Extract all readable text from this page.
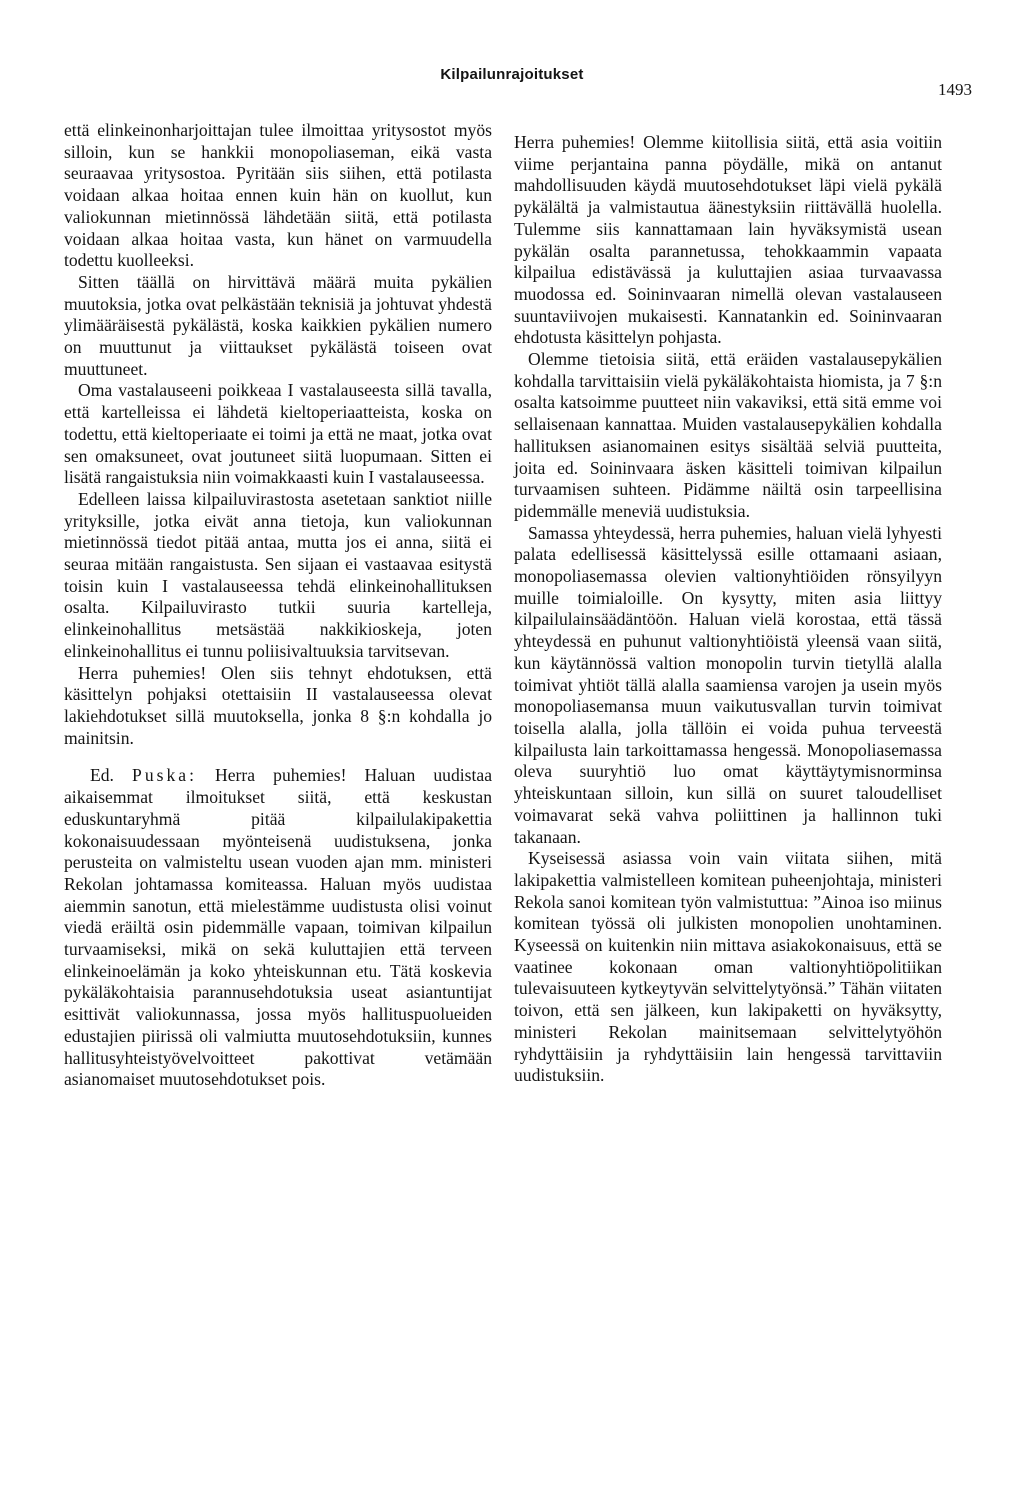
Kilpailunrajoitukset
1493

että elinkeinonharjoittajan tulee ilmoittaa yritysostot myös silloin, kun se hankkii monopoliaseman, eikä vasta seuraavaa yritysostoa. Pyritään siis siihen, että potilasta voidaan alkaa hoitaa ennen kuin hän on kuollut, kun valiokunnan mietinnössä lähdetään siitä, että potilasta voidaan alkaa hoitaa vasta, kun hänet on varmuudella todettu kuolleeksi.

Sitten täällä on hirvittävä määrä muita pykälien muutoksia, jotka ovat pelkästään teknisiä ja johtuvat yhdestä ylimääräisestä pykälästä, koska kaikkien pykälien numero on muuttunut ja viittaukset pykälästä toiseen ovat muuttuneet.

Oma vastalauseeni poikkeaa I vastalauseesta sillä tavalla, että kartelleissa ei lähdetä kieltoperiaatteista, koska on todettu, että kieltoperiaate ei toimi ja että ne maat, jotka ovat sen omaksuneet, ovat joutuneet siitä luopumaan. Sitten ei lisätä rangaistuksia niin voimakkaasti kuin I vastalauseessa.

Edelleen laissa kilpailuvirastosta asetetaan sanktiot niille yrityksille, jotka eivät anna tietoja, kun valiokunnan mietinnössä tiedot pitää antaa, mutta jos ei anna, siitä ei seuraa mitään rangaistusta. Sen sijaan ei vastaavaa esitystä toisin kuin I vastalauseessa tehdä elinkeinohallituksen osalta. Kilpailuvirasto tutkii suuria kartelleja, elinkeinohallitus metsästää nakkikioskeja, joten elinkeinohallitus ei tunnu poliisivaltuuksia tarvitsevan.

Herra puhemies! Olen siis tehnyt ehdotuksen, että käsittelyn pohjaksi otettaisiin II vastalauseessa olevat lakiehdotukset sillä muutoksella, jonka 8 §:n kohdalla jo mainitsin.

Ed. Puska: Herra puhemies! Haluan uudistaa aikaisemmat ilmoitukset siitä, että keskustan eduskuntaryhmä pitää kilpailulakipakettia kokonaisuudessaan myönteisenä uudistuksena, jonka perusteita on valmisteltu usean vuoden ajan mm. ministeri Rekolan johtamassa komiteassa. Haluan myös uudistaa aiemmin sanotun, että mielestämme uudistusta olisi voinut viedä eräiltä osin pidemmälle vapaan, toimivan kilpailun turvaamiseksi, mikä on sekä kuluttajien että terveen elinkeinoelämän ja koko yhteiskunnan etu. Tätä koskevia pykäläkohtaisia parannusehdotuksia useat asiantuntijat esittivät valiokunnassa, jossa myös hallituspuolueiden edustajien piirissä oli valmiutta muutosehdotuksiin, kunnes hallitusyhteistyövelvoitteet pakottivat vetämään asianomaiset muutosehdotukset pois.

Herra puhemies! Olemme kiitollisia siitä, että asia voitiin viime perjantaina panna pöydälle, mikä on antanut mahdollisuuden käydä muutosehdotukset läpi vielä pykälä pykälältä ja valmistautua äänestyksiin riittävällä huolella. Tulemme siis kannattamaan lain hyväksymistä usean pykälän osalta parannetussa, tehokkaammin vapaata kilpailua edistävässä ja kuluttajien asiaa turvaavassa muodossa ed. Soininvaaran nimellä olevan vastalauseen suuntaviivojen mukaisesti. Kannatankin ed. Soininvaaran ehdotusta käsittelyn pohjasta.

Olemme tietoisia siitä, että eräiden vastalausepykälien kohdalla tarvittaisiin vielä pykäläkohtaista hiomista, ja 7 §:n osalta katsoimme puutteet niin vakaviksi, että sitä emme voi sellaisenaan kannattaa. Muiden vastalausepykälien kohdalla hallituksen asianomainen esitys sisältää selviä puutteita, joita ed. Soininvaara äsken käsitteli toimivan kilpailun turvaamisen suhteen. Pidämme näiltä osin tarpeellisina pidemmälle meneviä uudistuksia.

Samassa yhteydessä, herra puhemies, haluan vielä lyhyesti palata edellisessä käsittelyssä esille ottamaani asiaan, monopoliasemassa olevien valtionyhtiöiden rönsyilyyn muille toimialoille. On kysytty, miten asia liittyy kilpailulainsäädäntöön. Haluan vielä korostaa, että tässä yhteydessä en puhunut valtionyhtiöistä yleensä vaan siitä, kun käytännössä valtion monopolin turvin tietyllä alalla toimivat yhtiöt tällä alalla saamiensa varojen ja usein myös monopoliasemansa muun vaikutusvallan turvin toimivat toisella alalla, jolla tällöin ei voida puhua terveestä kilpailusta lain tarkoittamassa hengessä. Monopoliasemassa oleva suuryhtiö luo omat käyttäytymisnorminsa yhteiskuntaan silloin, kun sillä on suuret taloudelliset voimavarat sekä vahva poliittinen ja hallinnon tuki takanaan.

Kyseisessä asiassa voin vain viitata siihen, mitä lakipakettia valmistelleen komitean puheenjohtaja, ministeri Rekola sanoi komitean työn valmistuttua: ”Ainoa iso miinus komitean työssä oli julkisten monopolien unohtaminen. Kyseessä on kuitenkin niin mittava asiakokonaisuus, että se vaatinee kokonaan oman valtionyhtiöpolitiikan tulevaisuuteen kytkeytyvän selvittelytyönsä.” Tähän viitaten toivon, että sen jälkeen, kun lakipaketti on hyväksytty, ministeri Rekolan mainitsemaan selvittelytyöhön ryhdyttäisiin ja ryhdyttäisiin lain hengessä tarvittaviin uudistuksiin.
